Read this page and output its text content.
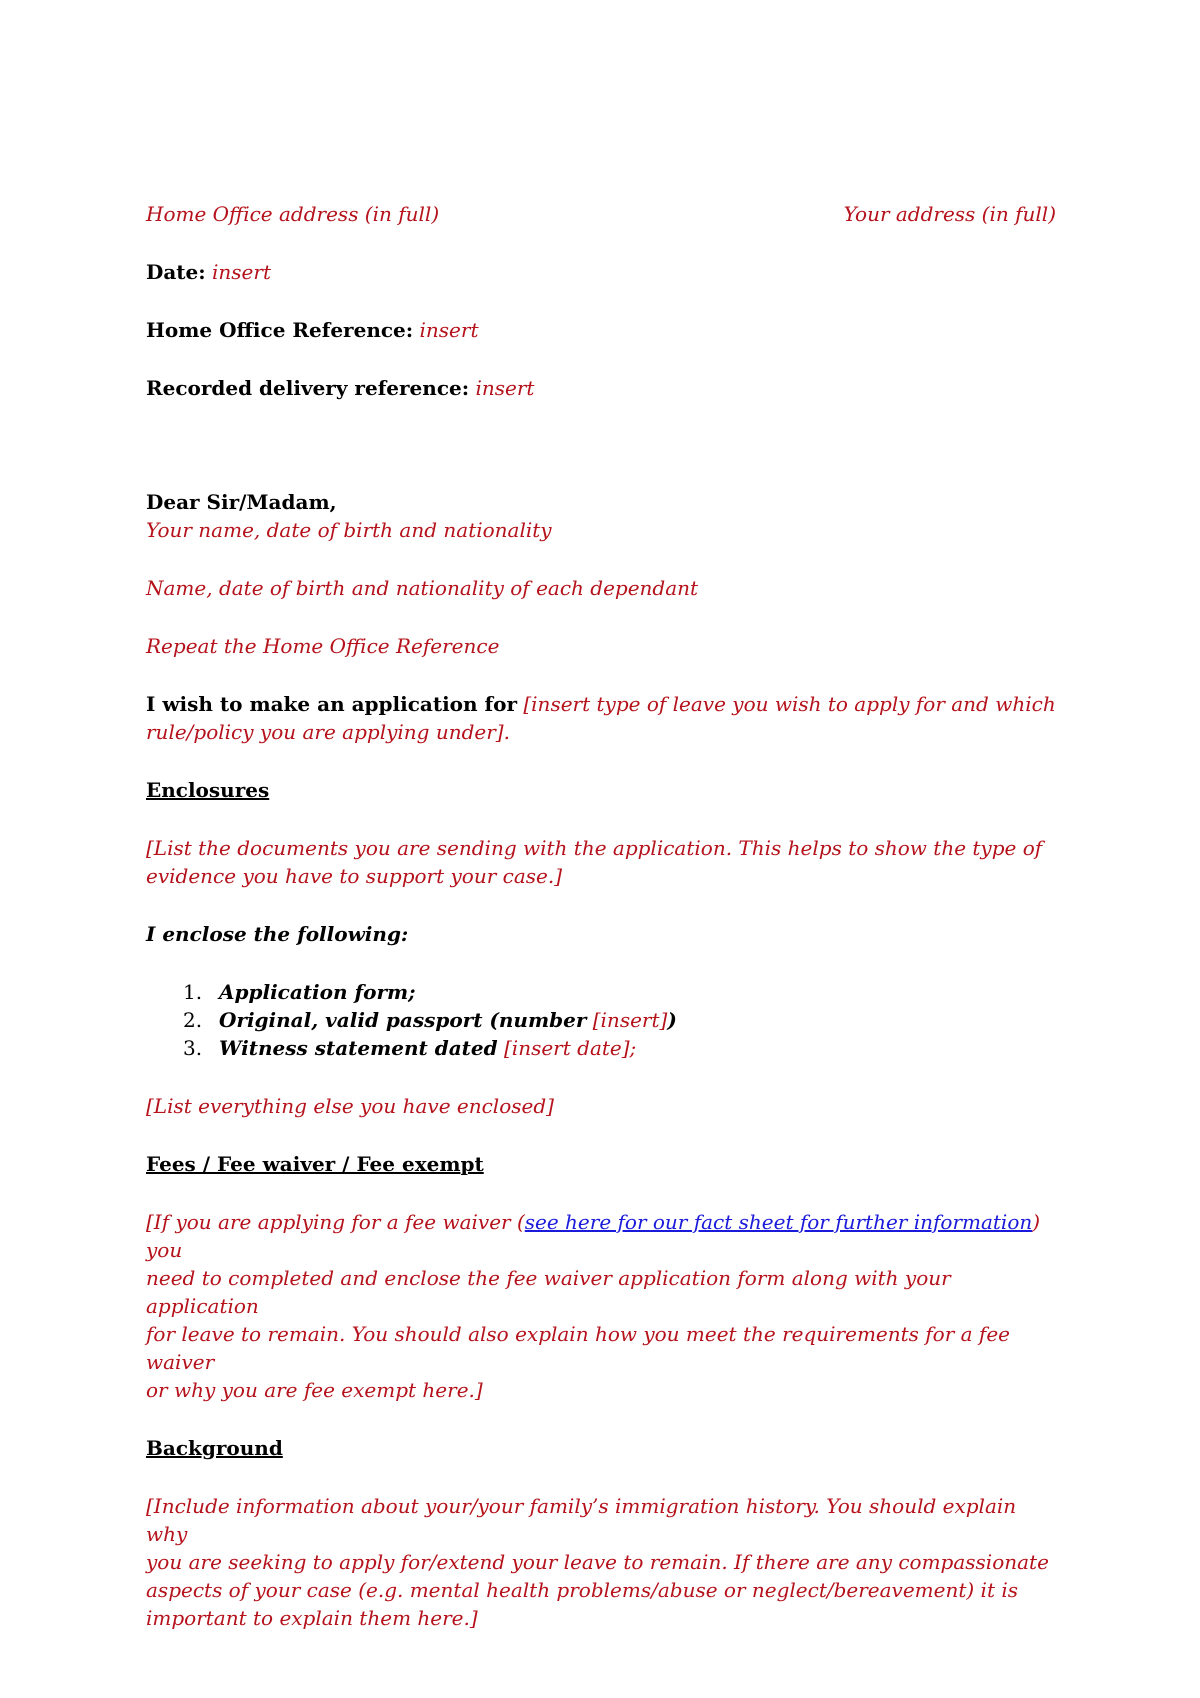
Home Office address (in full)	Your address (in full)
Date: insert
Home Office Reference: insert
Recorded delivery reference: insert
Dear Sir/Madam,
Your name, date of birth and nationality
Name, date of birth and nationality of each dependant
Repeat the Home Office Reference
I wish to make an application for [insert type of leave you wish to apply for and which
rule/policy you are applying under].
Enclosures
[List the documents you are sending with the application. This helps to show the type of
evidence you have to support your case.]
I enclose the following:
1. Application form;
2. Original, valid passport (number [insert])
3. Witness statement dated [insert date];
[List everything else you have enclosed]
Fees / Fee waiver / Fee exempt
[If you are applying for a fee waiver (see here for our fact sheet for further information) you
need to completed and enclose the fee waiver application form along with your application
for leave to remain. You should also explain how you meet the requirements for a fee waiver
or why you are fee exempt here.]
Background
[Include information about your/your family’s immigration history. You should explain why
you are seeking to apply for/extend your leave to remain. If there are any compassionate
aspects of your case (e.g. mental health problems/abuse or neglect/bereavement) it is
important to explain them here.]
